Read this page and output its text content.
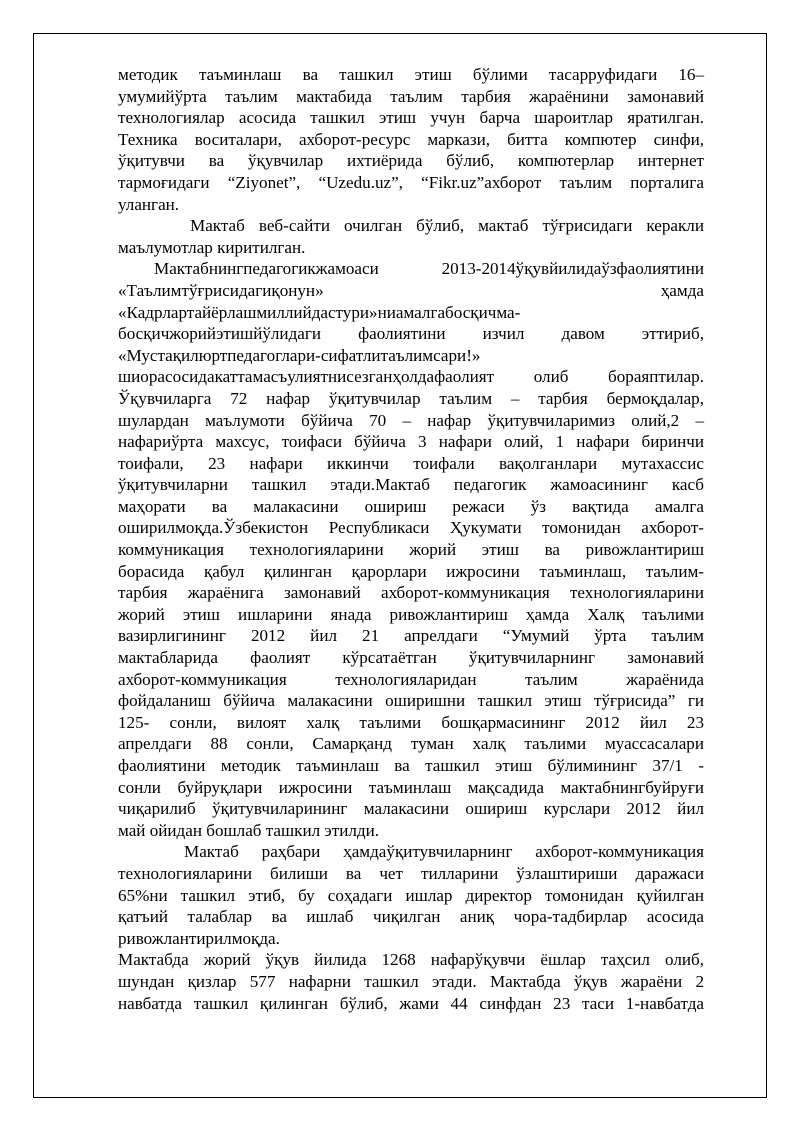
методик таъминлаш ва ташкил этиш бўлими тасарруфидаги 16–
умумийўрта таълим мактабида таълим тарбия жараёнини замонавий
технологиялар асосида ташкил этиш учун барча шароитлар яратилган.
Техника воситалари, ахборот-ресурс маркази, битта компютер синфи,
ўқитувчи ва ўқувчилар ихтиёрида бўлиб, компютерлар интернет
тармоғидаги “Ziyonet”, “Uzedu.uz”, “Fikr.uz”ахборот таълим порталига
уланган.

Мактаб веб-сайти очилган бўлиб, мактаб тўғрисидаги керакли
маълумотлар киритилган.

Мактабнингпедагогикжамоаси 2013-2014ўқувйилидаўзфаолиятини
«Таълимтўғрисидагиқонун» ҳамда
«Кадрлартайёрлашмиллийдастури»ниамалгабосқичма-
босқичжорийэтишйўлидаги фаолиятини изчил давом эттириб,
«Мустақилюртпедагоглари-сифатлитаълимсари!»
шиорасосидакаттамасъулиятнисезганҳолдафаолият олиб бораяптилар.
Ўқувчиларга 72 нафар ўқитувчилар таълим – тарбия бермоқдалар,
шулардан маълумоти бўйича 70 – нафар ўқитувчиларимиз олий,2 –
нафариўрта махсус, тоифаси бўйича 3 нафари олий, 1 нафари биринчи
тоифали, 23 нафари иккинчи тоифали вақолганлари мутахассис
ўқитувчиларни ташкил этади.Мактаб педагогик жамоасининг касб
маҳорати ва малакасини ошириш режаси ўз вақтида амалга
оширилмоқда.Ўзбекистон Республикаси Ҳукумати томонидан ахборот-
коммуникация технологияларини жорий этиш ва ривожлантириш
борасида қабул қилинган қарорлари ижросини таъминлаш, таълим-
тарбия жараёнига замонавий ахборот-коммуникация технологияларини
жорий этиш ишларини янада ривожлантириш ҳамда Халқ таълими
вазирлигининг 2012 йил 21 апрелдаги “Умумий ўрта таълим
мактабларида фаолият кўрсатаётган ўқитувчиларнинг замонавий
ахборот-коммуникация технологияларидан таълим жараёнида
фойдаланиш бўйича малакасини оширишни ташкил этиш тўғрисида” ги
125- сонли, вилоят халқ таълими бошқармасининг 2012 йил 23
апрелдаги 88 сонли, Самарқанд туман халқ таълими муассасалари
фаолиятини методик таъминлаш ва ташкил этиш бўлимининг 37/1 -
сонли буйруқлари ижросини таъминлаш мақсадида мактабнингбуйруғи
чиқарилиб ўқитувчиларининг малакасини ошириш курслари 2012 йил
май ойидан бошлаб ташкил этилди.

Мактаб раҳбари ҳамдаўқитувчиларнинг ахборот-коммуникация
технологияларини билиши ва чет тилларини ўзлаштириши даражаси
65%ни ташкил этиб, бу соҳадаги ишлар директор томонидан қуйилган
қатъий талаблар ва ишлаб чиқилган аниқ чора-тадбирлар асосида
ривожлантирилмоқда.

Мактабда жорий ўқув йилида 1268 нафарўқувчи ёшлар таҳсил олиб,
шундан қизлар 577 нафарни ташкил этади. Мактабда ўқув жараёни 2
навбатда ташкил қилинган бўлиб, жами 44 синфдан 23 таси 1-навбатда
